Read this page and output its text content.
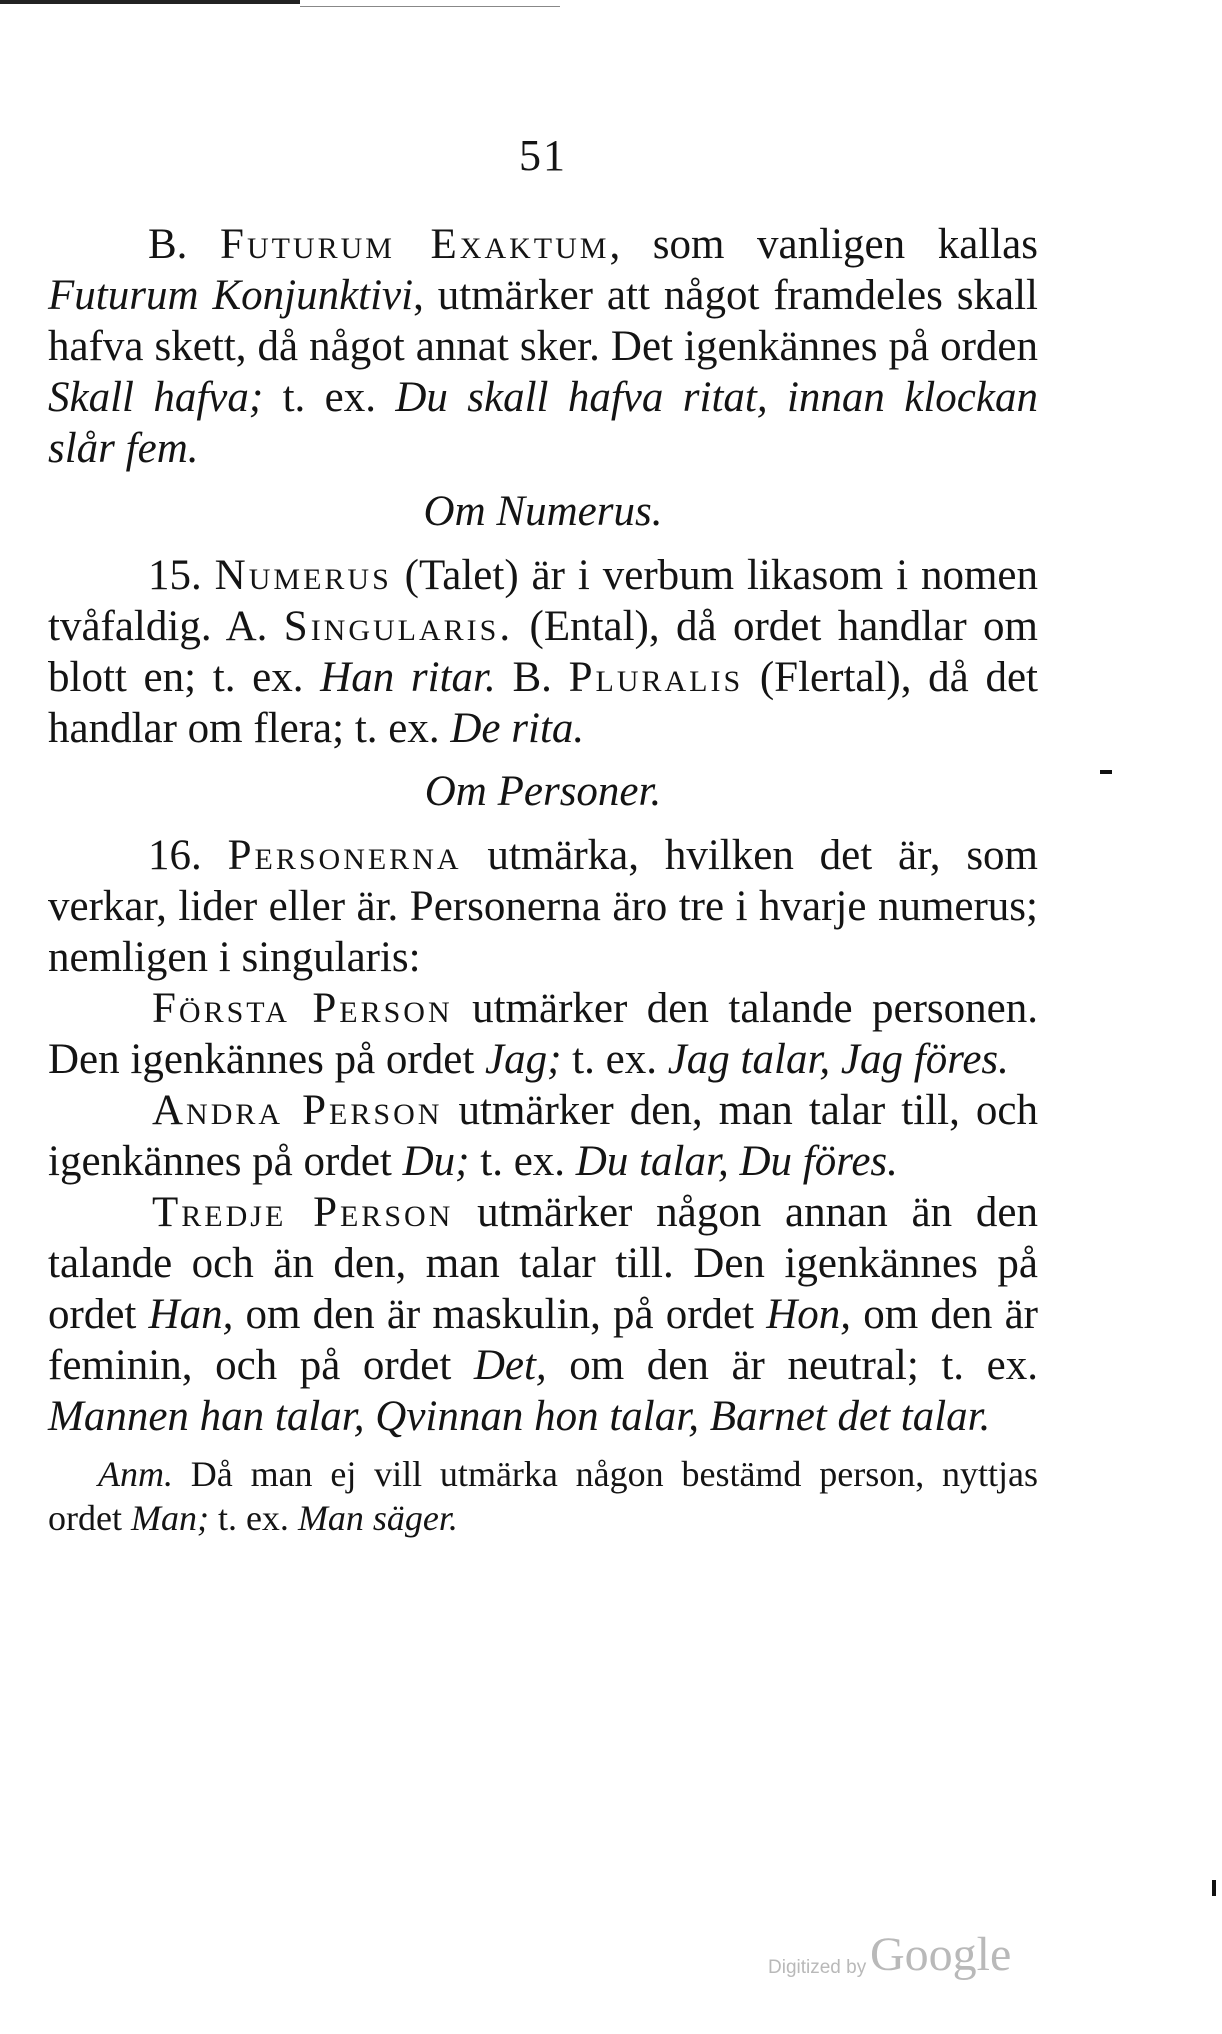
51

B. Futurum Exaktum, som vanligen kallas Futurum Konjunktivi, utmärker att något framdeles skall hafva skett, då något annat sker. Det igenkännes på orden Skall hafva; t. ex. Du skall hafva ritat, innan klockan slår fem.

Om Numerus.

15. Numerus (Talet) är i verbum likasom i nomen tvåfaldig. A. Singularis. (Ental), då ordet handlar om blott en; t. ex. Han ritar. B. Pluralis (Flertal), då det handlar om flera; t. ex. De rita.

Om Personer.

16. Personerna utmärka, hvilken det är, som verkar, lider eller är. Personerna äro tre i hvarje numerus; nemligen i singularis:

Första Person utmärker den talande personen. Den igenkännes på ordet Jag; t. ex. Jag talar, Jag föres.

Andra Person utmärker den, man talar till, och igenkännes på ordet Du; t. ex. Du talar, Du föres.

Tredje Person utmärker någon annan än den talande och än den, man talar till. Den igenkännes på ordet Han, om den är maskulin, på ordet Hon, om den är feminin, och på ordet Det, om den är neutral; t. ex. Mannen han talar, Qvinnan hon talar, Barnet det talar.

Anm. Då man ej vill utmärka någon bestämd person, nyttjas ordet Man; t. ex. Man säger.

Digitized by Google
